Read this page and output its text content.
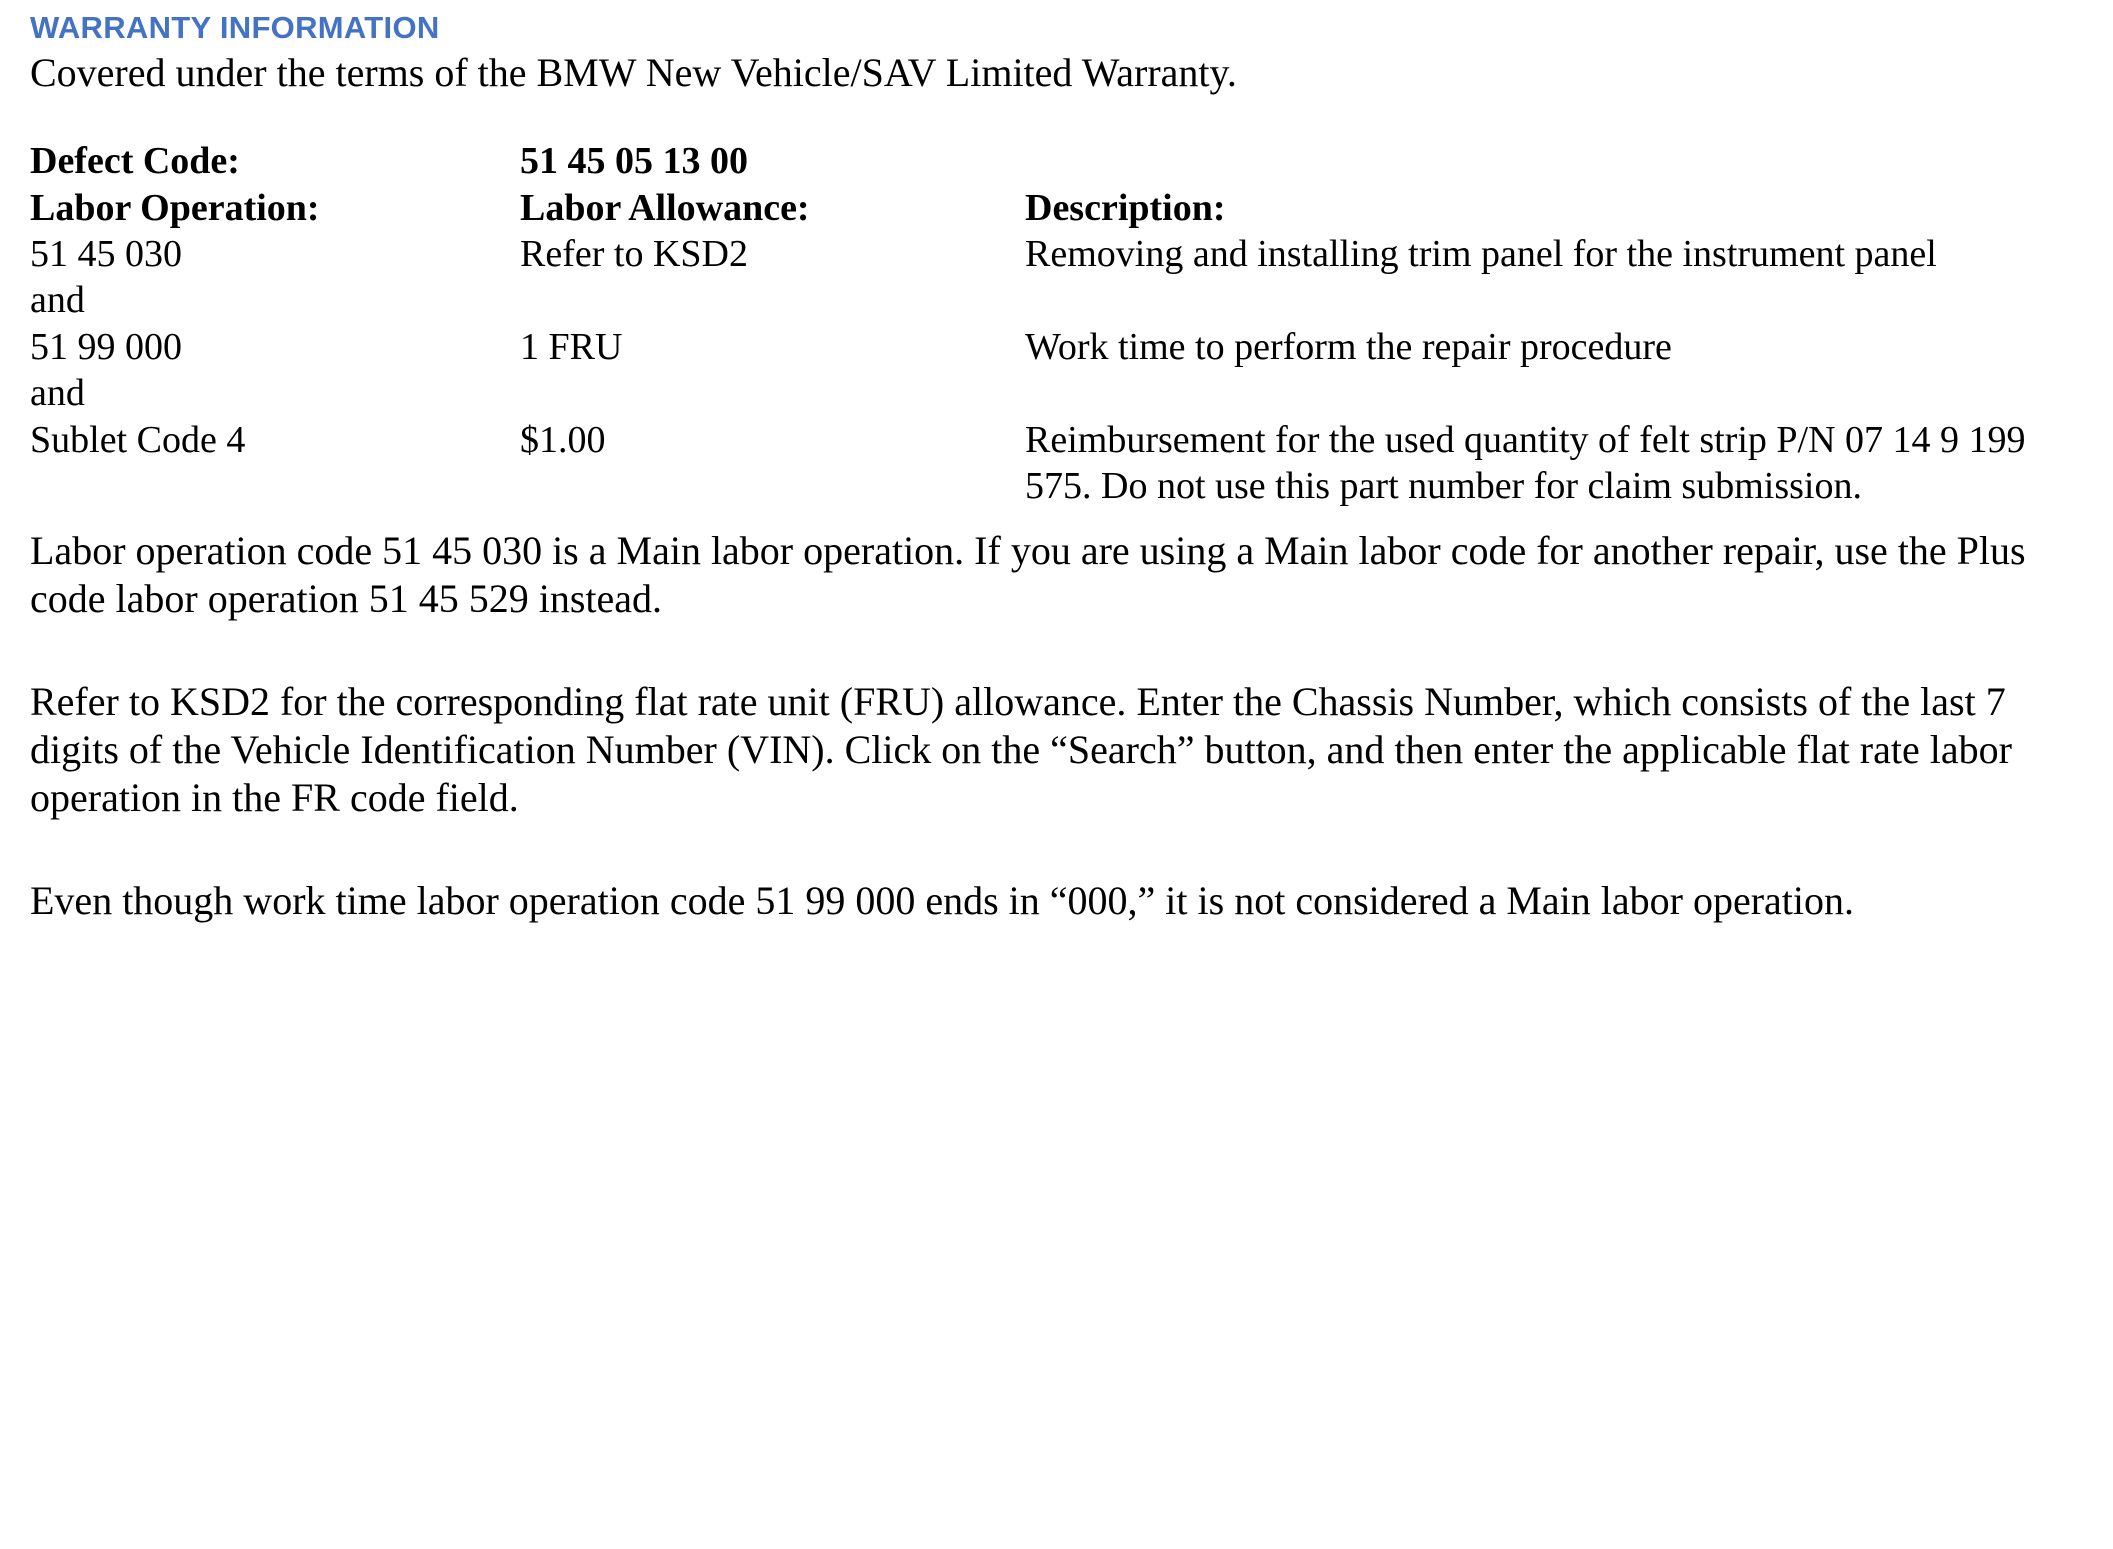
WARRANTY INFORMATION
Covered under the terms of the BMW New Vehicle/SAV Limited Warranty.
Defect Code:	51 45 05 13 00	
Labor Operation:	Labor Allowance:	Description:
51 45 030	Refer to KSD2	Removing and installing trim panel for the instrument panel
and		
51 99 000	1 FRU	Work time to perform the repair procedure
and		
Sublet Code 4	$1.00	Reimbursement for the used quantity of felt strip P/N 07 14 9 199 575. Do not use this part number for claim submission.

Labor operation code 51 45 030 is a Main labor operation. If you are using a Main labor code for another repair, use the Plus code labor operation 51 45 529 instead.

Refer to KSD2 for the corresponding flat rate unit (FRU) allowance. Enter the Chassis Number, which consists of the last 7 digits of the Vehicle Identification Number (VIN). Click on the “Search” button, and then enter the applicable flat rate labor operation in the FR code field.

Even though work time labor operation code 51 99 000 ends in “000,” it is not considered a Main labor operation.
